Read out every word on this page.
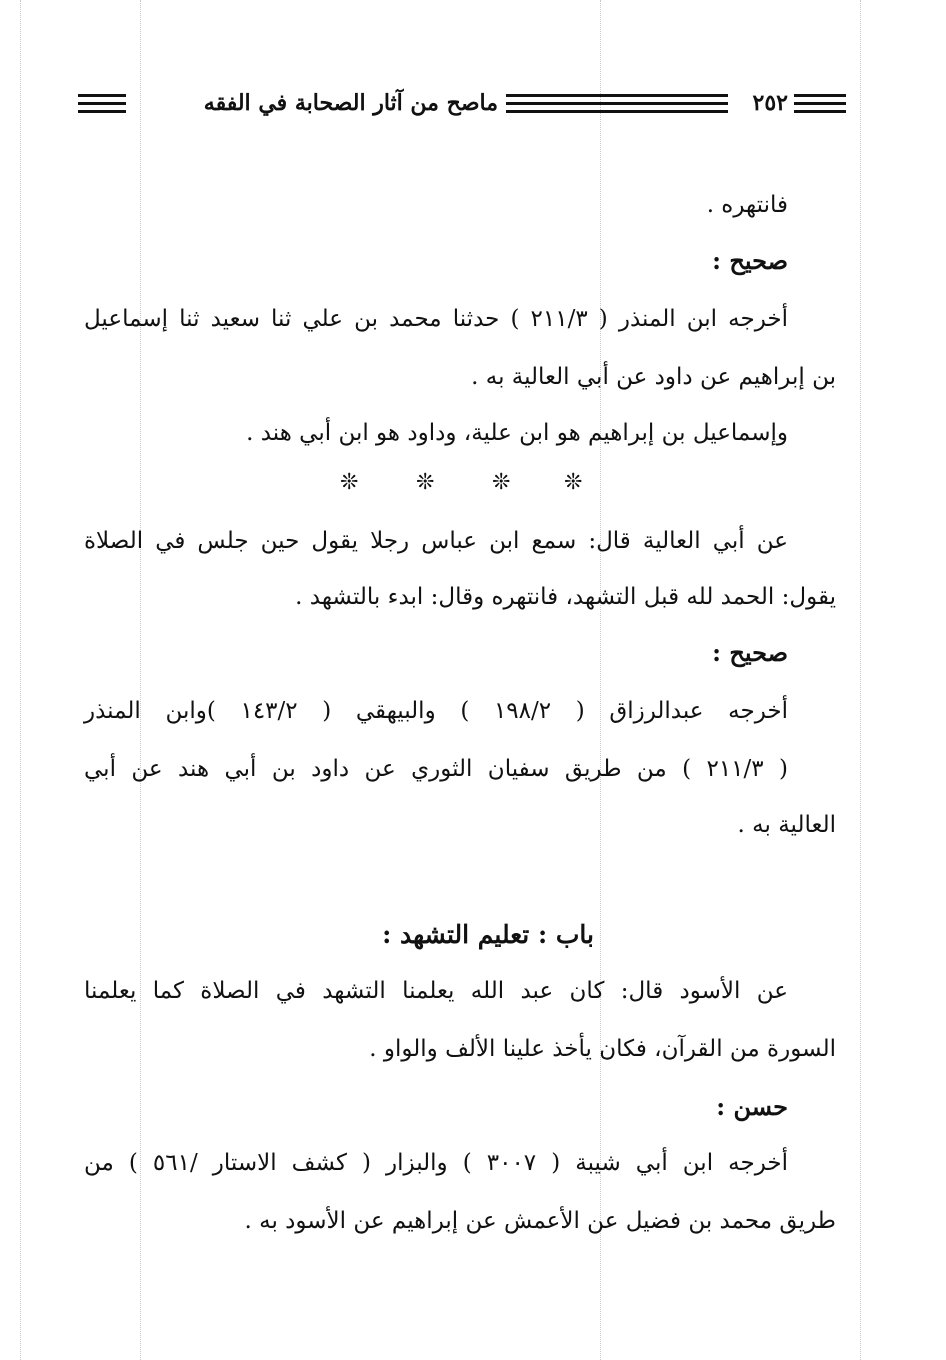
٢٥٢
ماصح من آثار الصحابة في الفقه
فانتهره .
صحيح :
أخرجه ابن المنذر ( ٢١١/٣ ) حدثنا محمد بن علي ثنا سعيد ثنا إسماعيل
بن إبراهيم عن داود عن أبي العالية به .
وإسماعيل بن إبراهيم هو ابن علية، وداود هو ابن أبي هند .
❊
❊
❊
❊
عن أبي العالية قال: سمع ابن عباس رجلا يقول حين جلس في الصلاة
يقول: الحمد لله قبل التشهد، فانتهره وقال: ابدء بالتشهد .
صحيح :
أخرجه عبدالرزاق ( ١٩٨/٢ ) والبيهقي ( ١٤٣/٢ )وابن المنذر
( ٢١١/٣ ) من طريق سفيان الثوري عن داود بن أبي هند عن أبي
العالية به .
باب : تعليم التشهد :
عن الأسود قال: كان عبد الله يعلمنا التشهد في الصلاة كما يعلمنا
السورة من القرآن، فكان يأخذ علينا الألف والواو .
حسن :
أخرجه ابن أبي شيبة ( ٣٠٠٧ ) والبزار ( كشف الاستار /٥٦١ ) من
طريق محمد بن فضيل عن الأعمش عن إبراهيم عن الأسود به .
